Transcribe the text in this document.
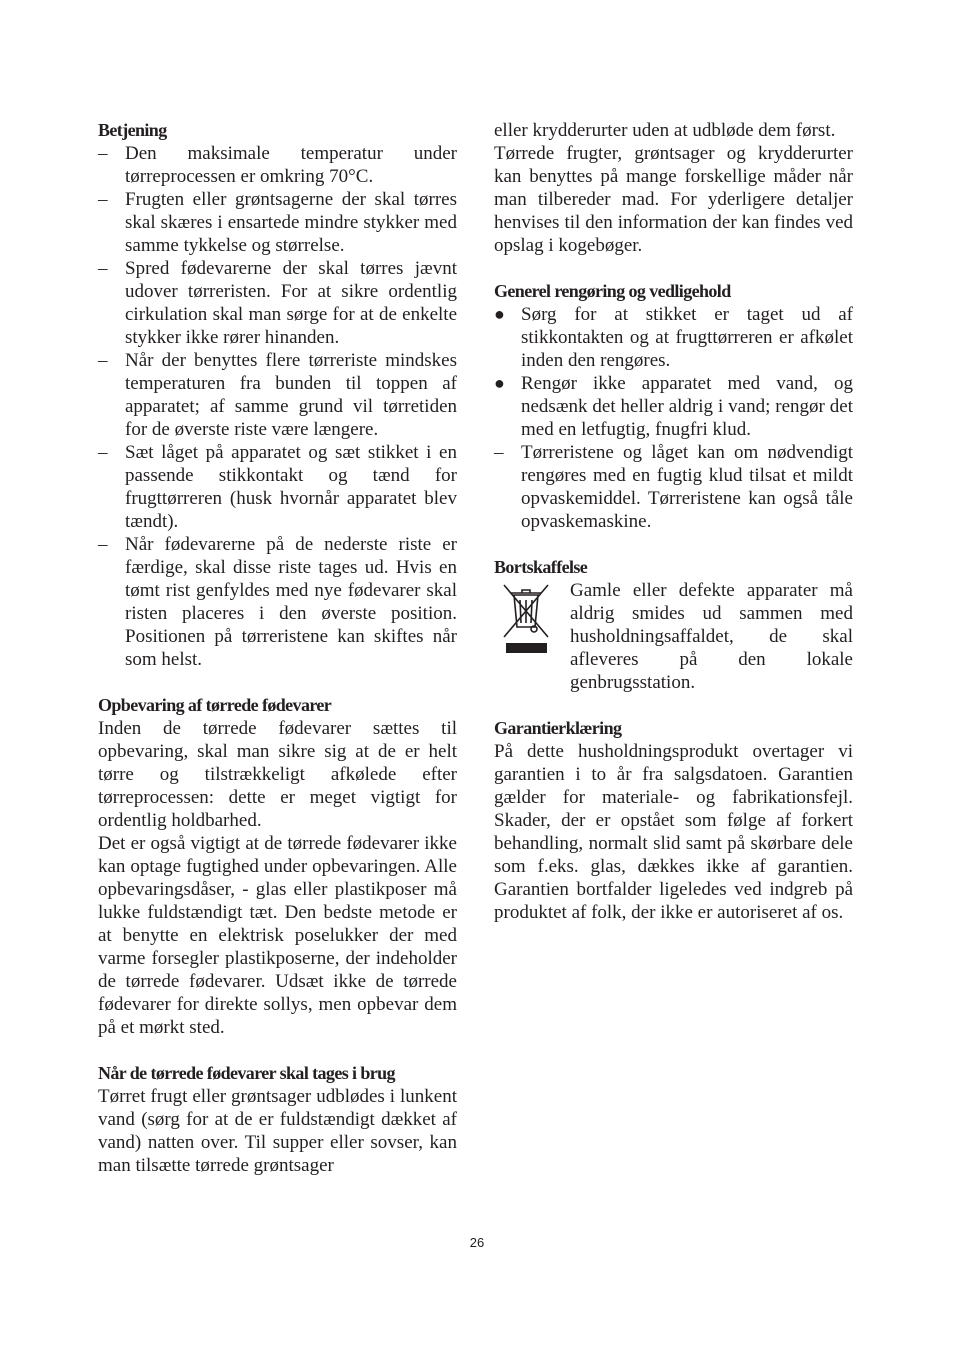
Betjening
– Den maksimale temperatur under tørreprocessen er omkring 70°C.
– Frugten eller grøntsagerne der skal tørres skal skæres i ensartede mindre stykker med samme tykkelse og størrelse.
– Spred fødevarerne der skal tørres jævnt udover tørreristen. For at sikre ordentlig cirkulation skal man sørge for at de enkelte stykker ikke rører hinanden.
– Når der benyttes flere tørreriste mindskes temperaturen fra bunden til toppen af apparatet; af samme grund vil tørretiden for de øverste riste være længere.
– Sæt låget på apparatet og sæt stikket i en passende stikkontakt og tænd for frugttørreren (husk hvornår apparatet blev tændt).
– Når fødevarerne på de nederste riste er færdige, skal disse riste tages ud. Hvis en tømt rist genfyldes med nye fødevarer skal risten placeres i den øverste position. Positionen på tørreristene kan skiftes når som helst.
Opbevaring af tørrede fødevarer

Inden de tørrede fødevarer sættes til opbevaring, skal man sikre sig at de er helt tørre og tilstrækkeligt afkølede efter tørreprocessen: dette er meget vigtigt for ordentlig holdbarhed.

Det er også vigtigt at de tørrede fødevarer ikke kan optage fugtighed under opbevaringen. Alle opbevaringsdåser, - glas eller plastikposer må lukke fuldstændigt tæt. Den bedste metode er at benytte en elektrisk poselukker der med varme forsegler plastikposerne, der indeholder de tørrede fødevarer. Udsæt ikke de tørrede fødevarer for direkte sollys, men opbevar dem på et mørkt sted.

Når de tørrede fødevarer skal tages i brug

Tørret frugt eller grøntsager udblødes i lunkent vand (sørg for at de er fuldstændigt dækket af vand) natten over. Til supper eller sovser, kan man tilsætte tørrede grøntsager

eller krydderurter uden at udbløde dem først.

Tørrede frugter, grøntsager og krydderurter kan benyttes på mange forskellige måder når man tilbereder mad. For yderligere detaljer henvises til den information der kan findes ved opslag i kogebøger.

Generel rengøring og vedligehold
● Sørg for at stikket er taget ud af stikkontakten og at frugttørreren er afkølet inden den rengøres.
● Rengør ikke apparatet med vand, og nedsænk det heller aldrig i vand; rengør det med en letfugtig, fnugfri klud.
– Tørreristene og låget kan om nødvendigt rengøres med en fugtig klud tilsat et mildt opvaskemiddel. Tørreristene kan også tåle opvaskemaskine.
Bortskaffelse

Gamle eller defekte apparater må aldrig smides ud sammen med husholdningsaffaldet, de skal afleveres på den lokale genbrugsstation.

Garantierklæring

På dette husholdningsprodukt overtager vi garantien i to år fra salgsdatoen. Garantien gælder for materiale- og fabrikationsfejl. Skader, der er opstået som følge af forkert behandling, normalt slid samt på skørbare dele som f.eks. glas, dækkes ikke af garantien. Garantien bortfalder ligeledes ved indgreb på produktet af folk, der ikke er autoriseret af os.

26
